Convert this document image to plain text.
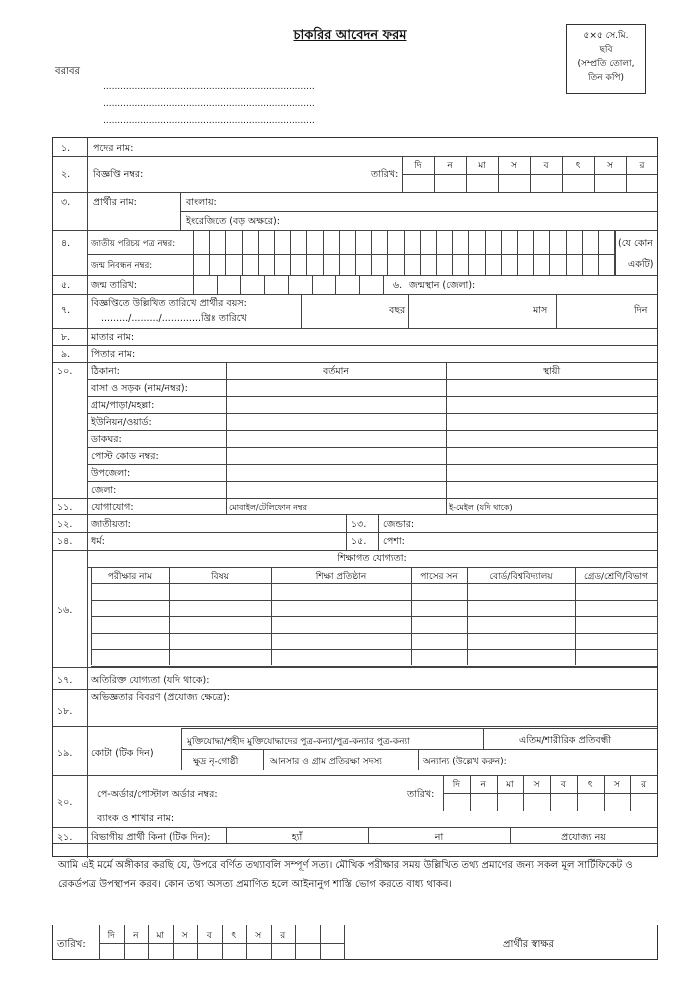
চাকরির আবেদন ফরম	৫×৫ সে.মি.
ছবি
(সম্প্রতি তোলা,
তিন কপি)
বরাবর
..........................................................................
..........................................................................
..........................................................................
১. পদের নাম:
২. বিজ্ঞপ্তি নম্বর:	তারিখ:
দি	ন	মা	স	ব	ৎ	স	র
৩. প্রার্থীর নাম:	বাংলায়:
ইংরেজিতে (বড় অক্ষরে):
৪. জাতীয় পরিচয় পত্র নম্বর:
জন্ম নিবন্ধন নম্বর:
(যে কোন
একটি)
৫. জন্ম তারিখ:	৬. জন্মস্থান (জেলা):
৭.
বিজ্ঞপ্তিতে উল্লিখিত তারিখে প্রার্থীর বয়স:
........./........./.............খ্রিঃ তারিখে
বছর	মাস	দিন
৮. মাতার নাম:
৯. পিতার নাম:
১০. ঠিকানা:	বর্তমান	স্থায়ী
বাসা ও সড়ক (নাম/নম্বর):
গ্রাম/পাড়া/মহল্লা:
ইউনিয়ন/ওয়ার্ড:
ডাকঘর:
পোস্ট কোড নম্বর:
উপজেলা:
জেলা:
১১. যোগাযোগ:	মোবাইল/টেলিফোন নম্বর	ই-মেইল (যদি থাকে)
১২. জাতীয়তা:	১৩. জেন্ডার:
১৪. ধর্ম:	১৫. পেশা:
১৬.
শিক্ষাগত যোগ্যতা:
পরীক্ষার নাম	বিষয়	শিক্ষা প্রতিষ্ঠান	পাসের সন	বোর্ড/বিশ্ববিদ্যালয়	গ্রেড/শ্রেণি/বিভাগ
১৭. অতিরিক্ত যোগ্যতা (যদি থাকে):
১৮.
অভিজ্ঞতার বিবরণ (প্রযোজ্য ক্ষেত্রে):
১৯. কোটা (টিক দিন)
মুক্তিযোদ্ধা/শহীদ মুক্তিযোদ্ধাদের পুত্র-কন্যা/পুত্র-কন্যার পুত্র-কন্যা	এতিম/শারীরিক প্রতিবন্ধী
ক্ষুদ্র নৃ-গোষ্ঠী	আনসার ও গ্রাম প্রতিরক্ষা সদস্য	অন্যান্য (উল্লেখ করুন):
২০.
পে-অর্ডার/পোস্টাল অর্ডার নম্বর:	তারিখ:
দি	ন	মা	স	ব	ৎ	স	র
ব্যাংক ও শাখার নাম:
২১. বিভাগীয় প্রার্থী কিনা (টিক দিন):	হ্যাঁ	না	প্রযোজ্য নয়
আমি এই মর্মে অঙ্গীকার করছি যে, উপরে বর্ণিত তথ্যাবলি সম্পূর্ণ সত্য। মৌখিক পরীক্ষার সময় উল্লিখিত তথ্য প্রমাণের জন্য সকল মূল সার্টিফিকেট ও রেকর্ডপত্র উপস্থাপন করব। কোন তথ্য অসত্য প্রমাণিত হলে আইনানুগ শাস্তি ভোগ করতে বাধ্য থাকব।
তারিখ:
দি	ন	মা	স	ব	ৎ	স	র
প্রার্থীর স্বাক্ষর
